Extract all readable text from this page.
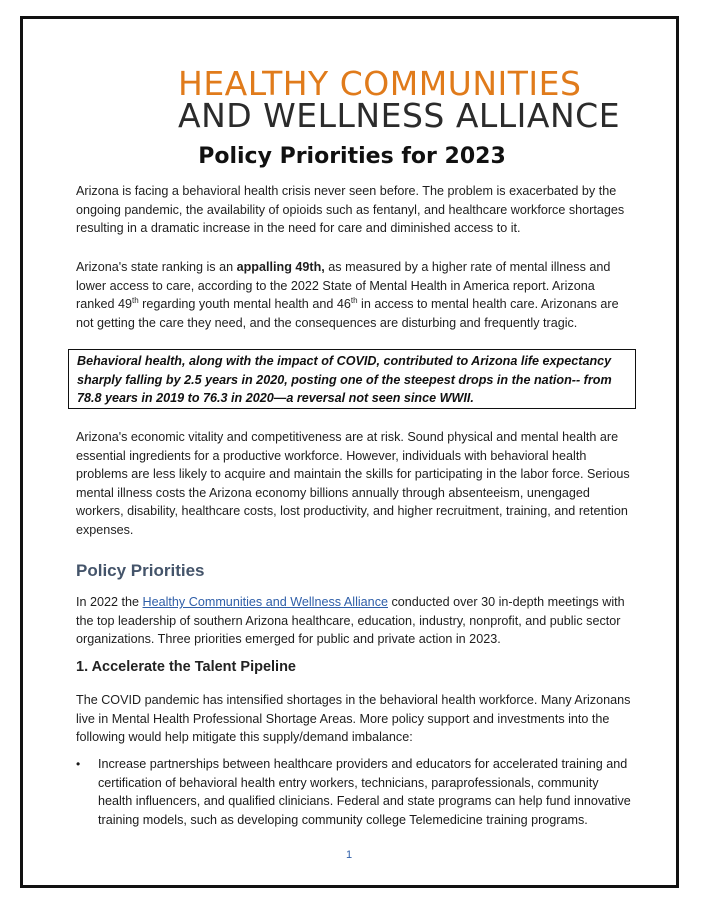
HEALTHY COMMUNITIES
AND WELLNESS ALLIANCE
Policy Priorities for 2023
Arizona is facing a behavioral health crisis never seen before. The problem is exacerbated by the ongoing pandemic, the availability of opioids such as fentanyl, and healthcare workforce shortages resulting in a dramatic increase in the need for care and diminished access to it.
Arizona's state ranking is an appalling 49th, as measured by a higher rate of mental illness and lower access to care, according to the 2022 State of Mental Health in America report. Arizona ranked 49th regarding youth mental health and 46th in access to mental health care. Arizonans are not getting the care they need, and the consequences are disturbing and frequently tragic.
Behavioral health, along with the impact of COVID, contributed to Arizona life expectancy sharply falling by 2.5 years in 2020, posting one of the steepest drops in the nation-- from 78.8 years in 2019 to 76.3 in 2020—a reversal not seen since WWII.
Arizona's economic vitality and competitiveness are at risk. Sound physical and mental health are essential ingredients for a productive workforce. However, individuals with behavioral health problems are less likely to acquire and maintain the skills for participating in the labor force. Serious mental illness costs the Arizona economy billions annually through absenteeism, unengaged workers, disability, healthcare costs, lost productivity, and higher recruitment, training, and retention expenses.
Policy Priorities
In 2022 the Healthy Communities and Wellness Alliance conducted over 30 in-depth meetings with the top leadership of southern Arizona healthcare, education, industry, nonprofit, and public sector organizations. Three priorities emerged for public and private action in 2023.
1. Accelerate the Talent Pipeline
The COVID pandemic has intensified shortages in the behavioral health workforce. Many Arizonans live in Mental Health Professional Shortage Areas. More policy support and investments into the following would help mitigate this supply/demand imbalance:
• Increase partnerships between healthcare providers and educators for accelerated training and certification of behavioral health entry workers, technicians, paraprofessionals, community health influencers, and qualified clinicians. Federal and state programs can help fund innovative training models, such as developing community college Telemedicine training programs.
1
